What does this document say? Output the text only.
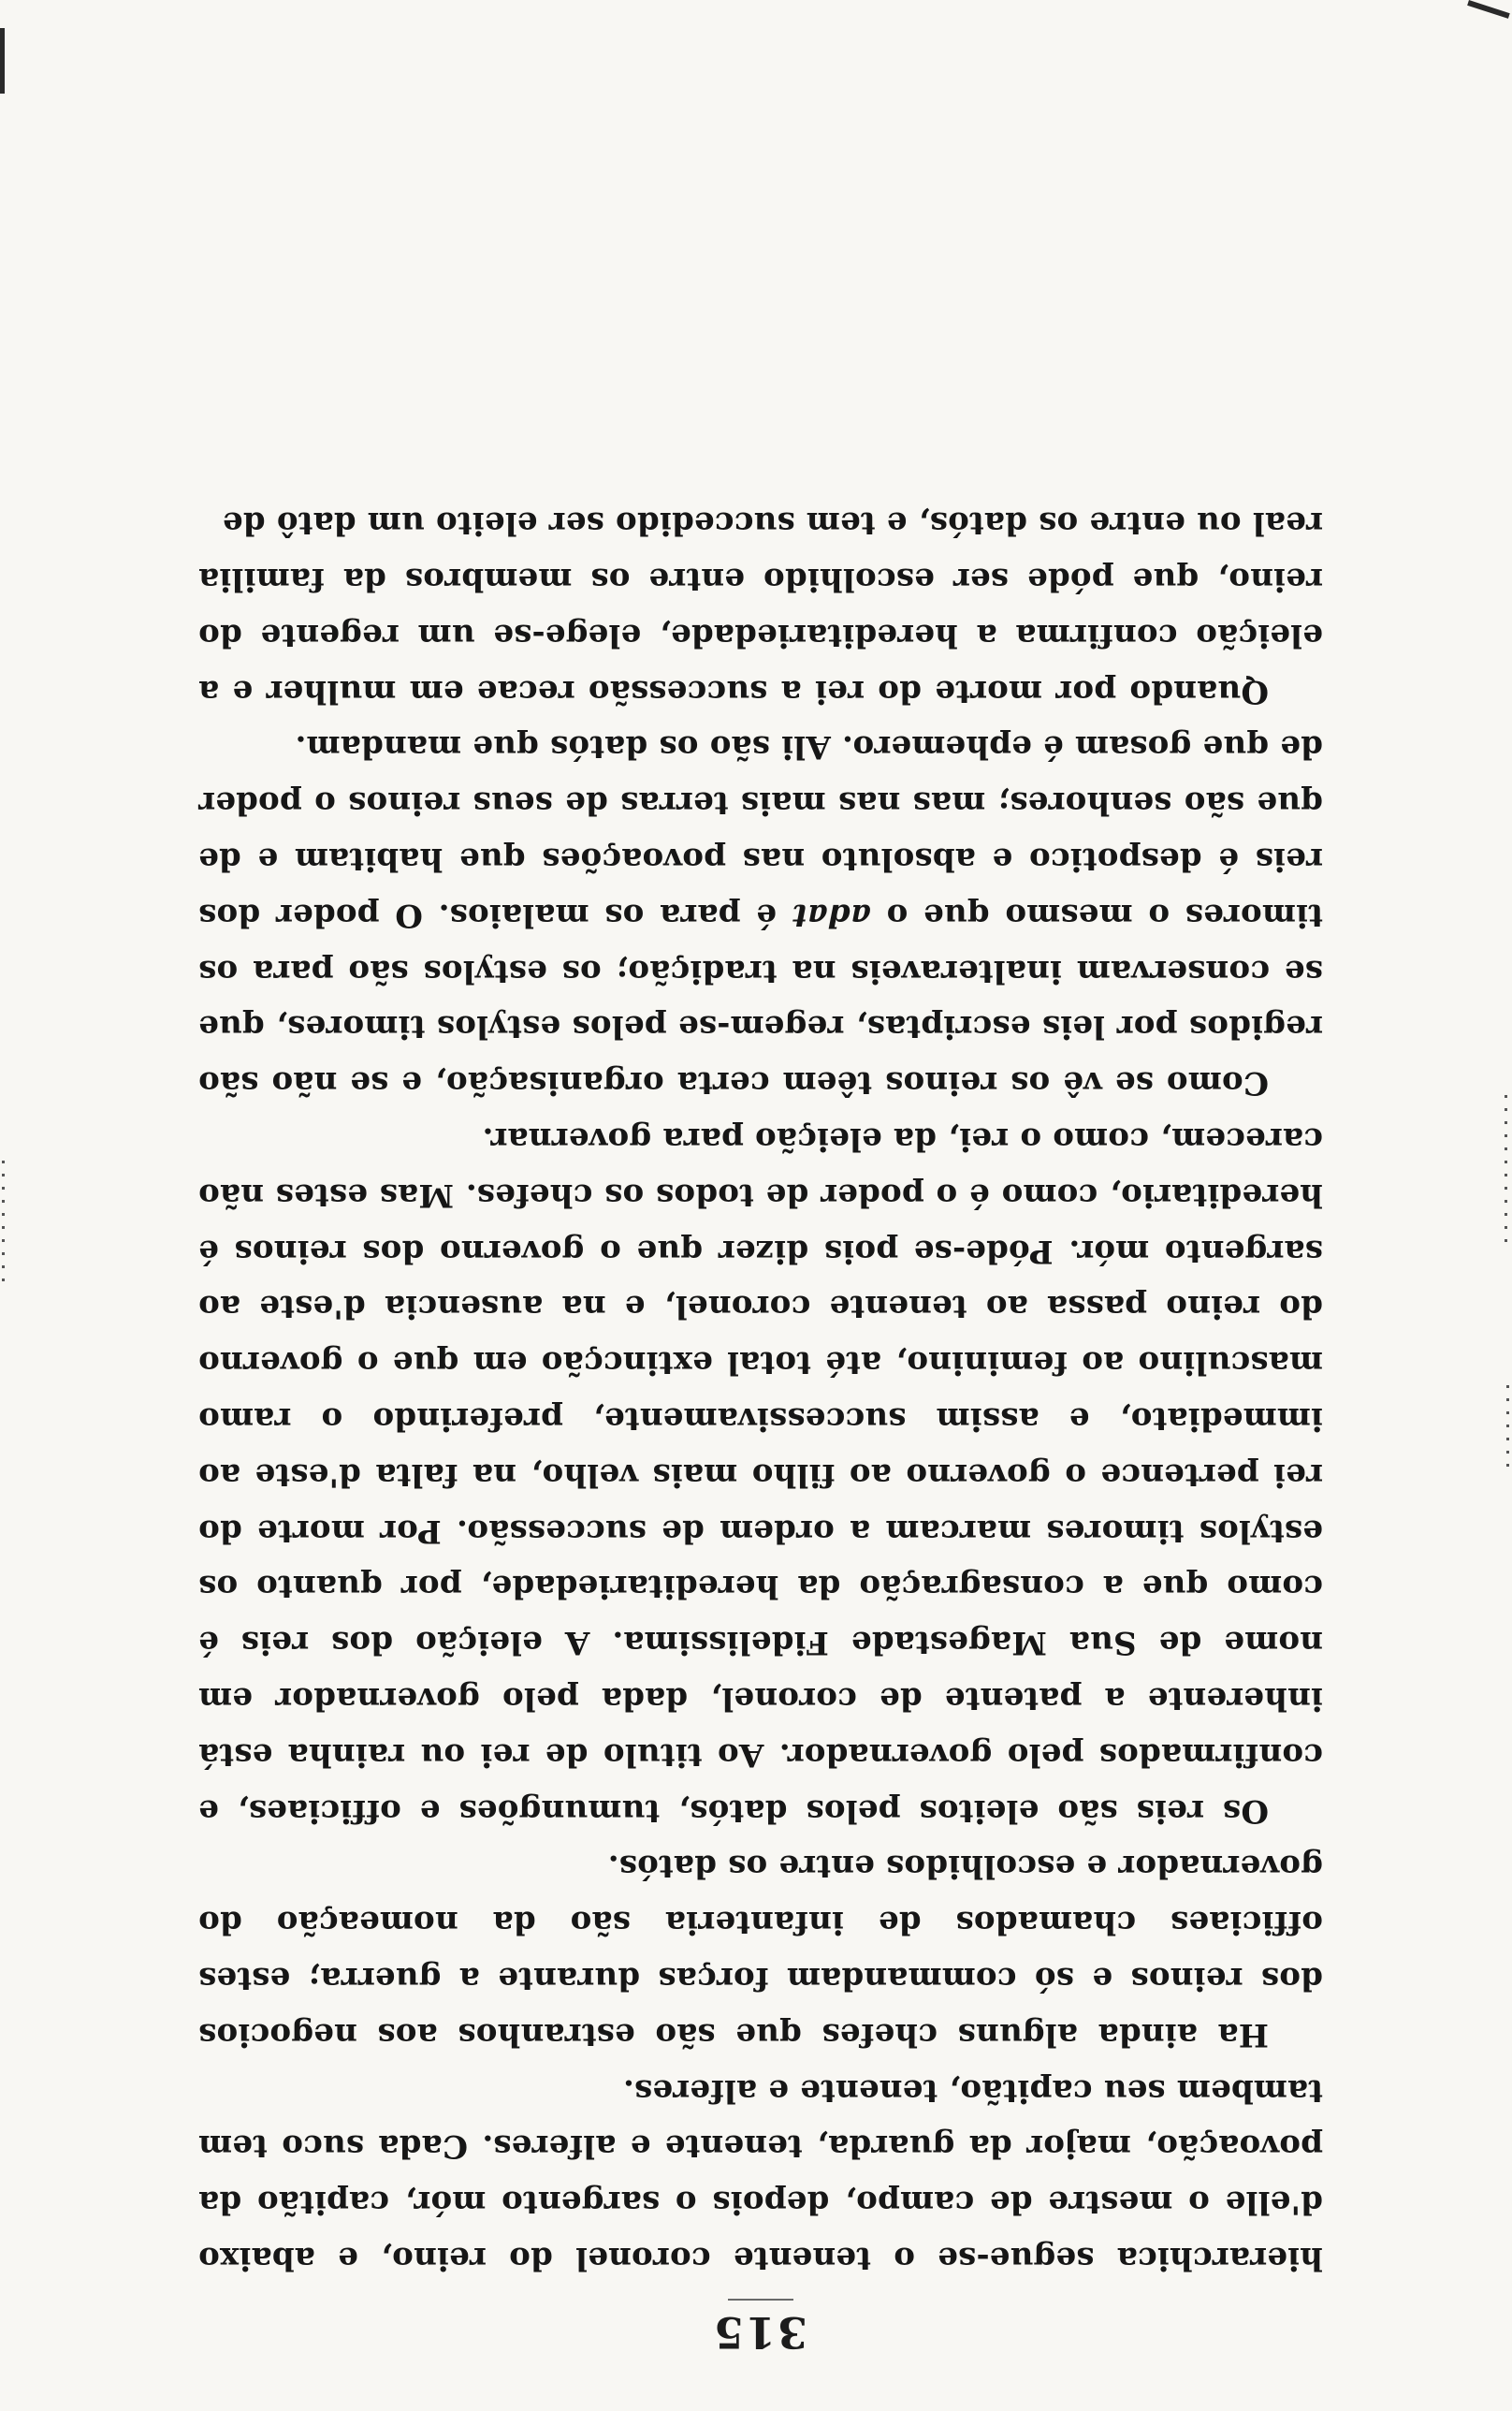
315

hierarchica segue-se o tenente coronel do reino, e abaixo d'elle o mestre de campo, depois o sargento mór, capitão da povoação, major da guarda, tenente e alferes. Cada suco tem tambem seu capitão, tenente e alferes.

Ha ainda alguns chefes que são estranhos aos negocios dos reinos e só commandam forças durante a guerra; estes officiaes chamados de infanteria são da nomeação do governador e escolhidos entre os datós.

Os reis são eleitos pelos datós, tumungões e officiaes, e confirmados pelo governador. Ao titulo de rei ou rainha está inherente a patente de coronel, dada pelo governador em nome de Sua Magestade Fidelissima. A eleição dos reis é como que a consagração da hereditariedade, por quanto os estylos timores marcam a ordem de successão. Por morte do rei pertence o governo ao filho mais velho, na falta d'este ao immediato, e assim successivamente, preferindo o ramo masculino ao feminino, até total extincção em que o governo do reino passa ao tenente coronel, e na ausencia d'este ao sargento mór. Póde-se pois dizer que o governo dos reinos é hereditario, como é o poder de todos os chefes. Mas estes não carecem, como o rei, da eleição para governar.

Como se vê os reinos têem certa organisação, e se não são regidos por leis escriptas, regem-se pelos estylos timores, que se conservam inalteraveis na tradição; os estylos são para os timores o mesmo que o adat é para os malaios. O poder dos reis é despotico e absoluto nas povoações que habitam e de que são senhores; mas nas mais terras de seus reinos o poder de que gosam é ephemero. Ali são os datós que mandam.

Quando por morte do rei a successão recae em mulher e a eleição confirma a hereditariedade, elege-se um regente do reino, que póde ser escolhido entre os membros da familia real ou entre os datós, e tem succedido ser eleito um datô de
